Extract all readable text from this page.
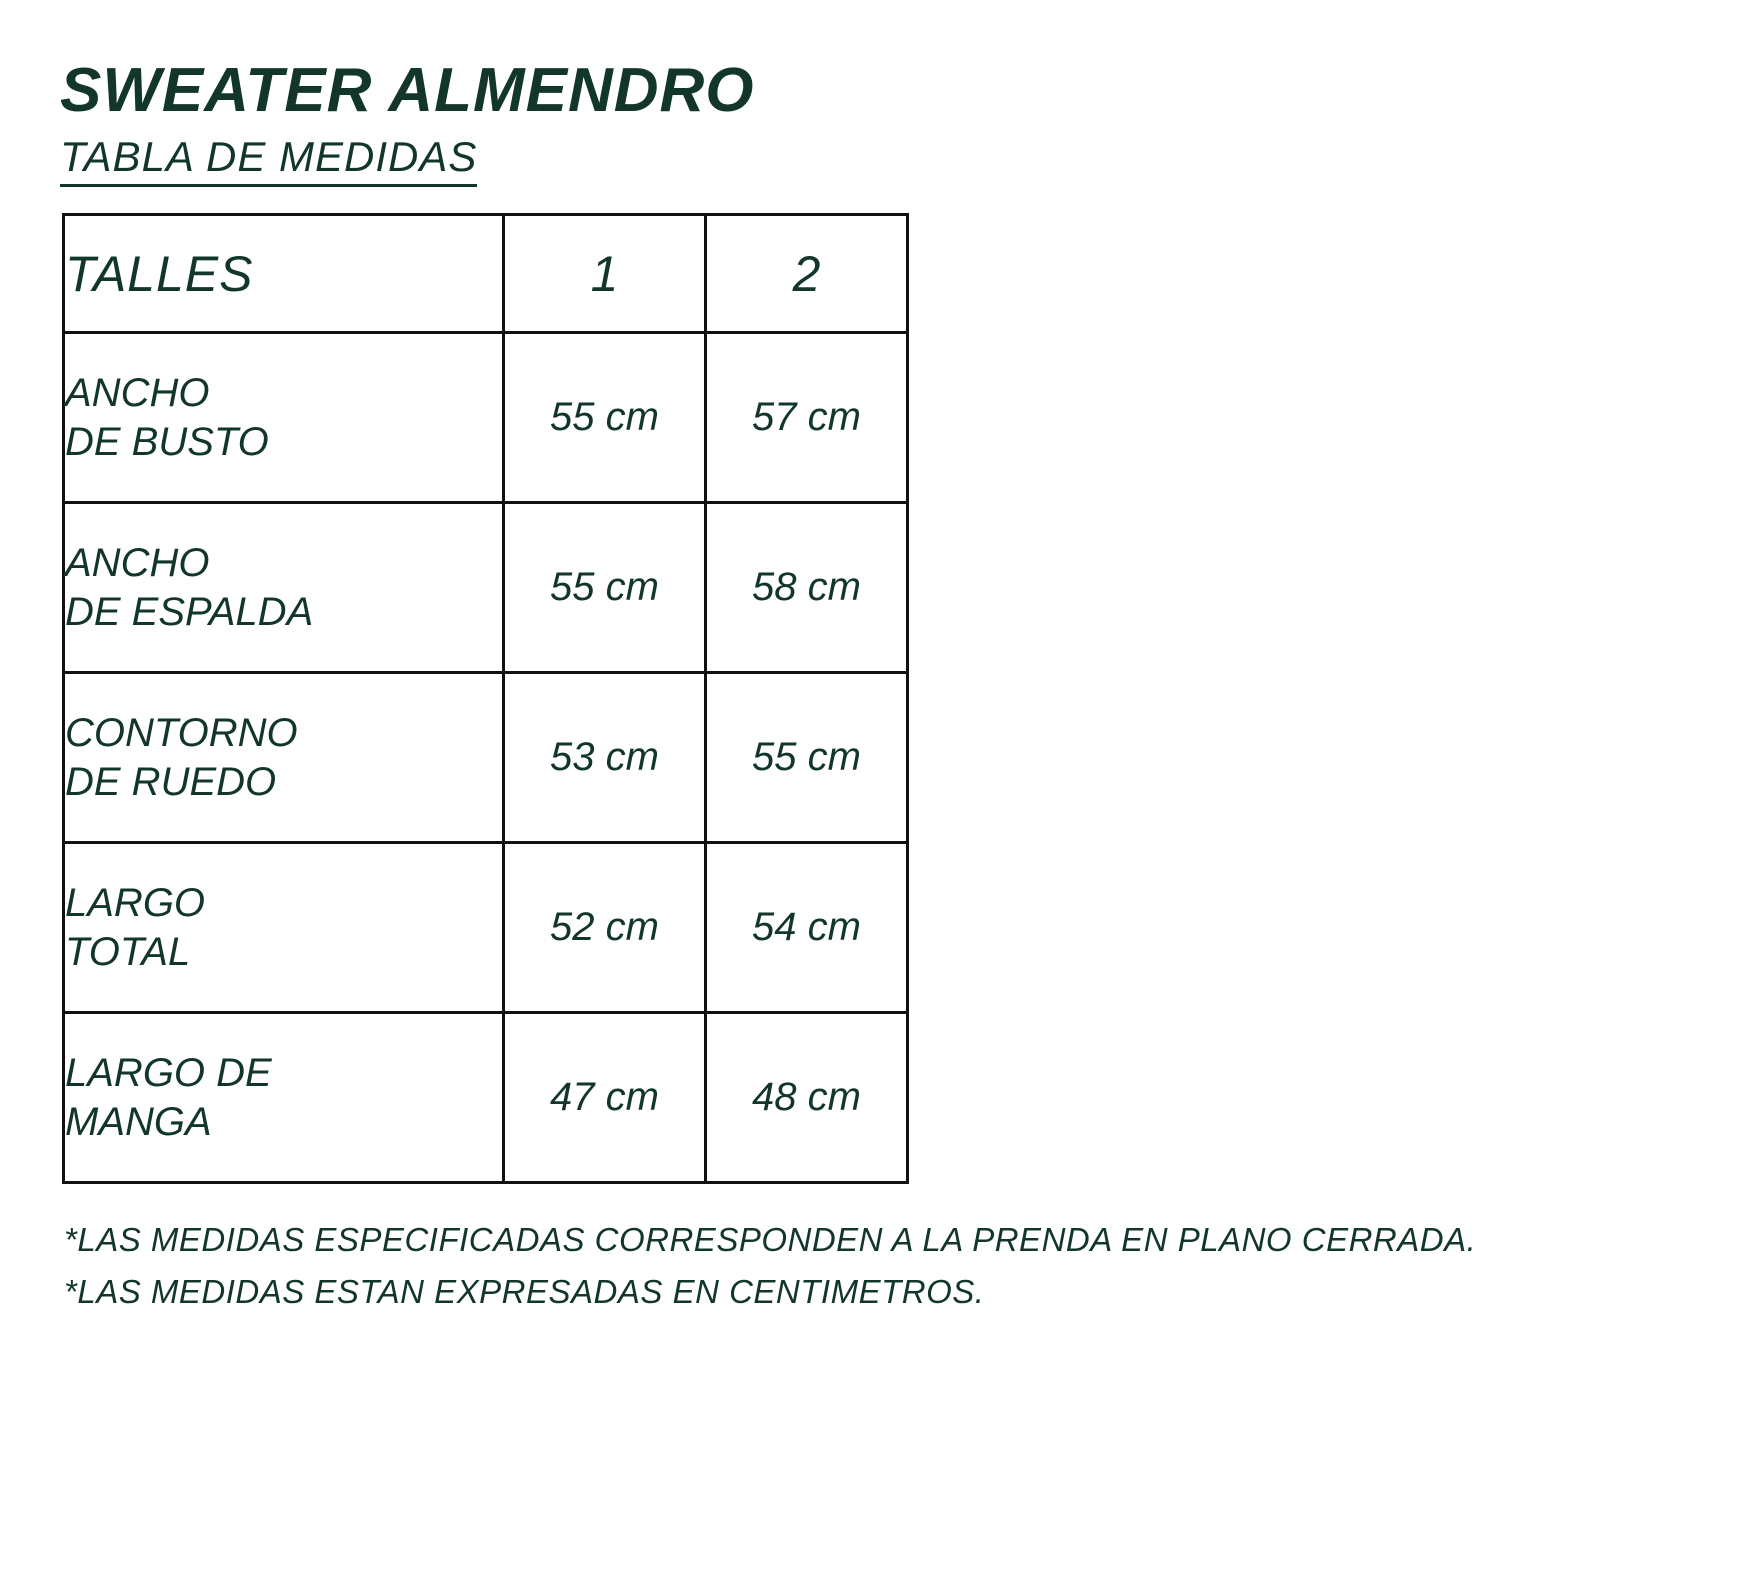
SWEATER ALMENDRO
TABLA DE MEDIDAS
TALLES	1	2
ANCHO
DE BUSTO	55 cm	57 cm
ANCHO
DE ESPALDA	55 cm	58 cm
CONTORNO
DE RUEDO	53 cm	55 cm
LARGO
TOTAL	52 cm	54 cm
LARGO DE
MANGA	47 cm	48 cm
*LAS MEDIDAS ESPECIFICADAS CORRESPONDEN A LA PRENDA EN PLANO CERRADA.
*LAS MEDIDAS ESTAN EXPRESADAS EN CENTIMETROS.
